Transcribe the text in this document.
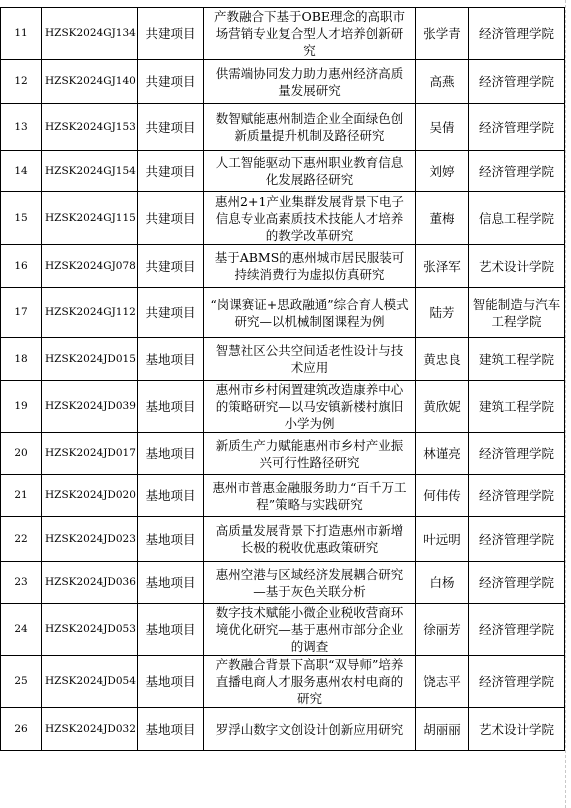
11	HZSK2024GJ134	共建项目	产教融合下基于OBE理念的高职市场营销专业复合型人才培养创新研究	张学青	经济管理学院
12	HZSK2024GJ140	共建项目	供需端协同发力助力惠州经济高质量发展研究	高燕	经济管理学院
13	HZSK2024GJ153	共建项目	数智赋能惠州制造企业全面绿色创新质量提升机制及路径研究	吴倩	经济管理学院
14	HZSK2024GJ154	共建项目	人工智能驱动下惠州职业教育信息化发展路径研究	刘婷	经济管理学院
15	HZSK2024GJ115	共建项目	惠州2+1产业集群发展背景下电子信息专业高素质技术技能人才培养的教学改革研究	董梅	信息工程学院
16	HZSK2024GJ078	共建项目	基于ABMS的惠州城市居民服装可持续消费行为虚拟仿真研究	张泽军	艺术设计学院
17	HZSK2024GJ112	共建项目	“岗课赛证+思政融通”综合育人模式研究—以机械制图课程为例	陆芳	智能制造与汽车工程学院
18	HZSK2024JD015	基地项目	智慧社区公共空间适老性设计与技术应用	黄忠良	建筑工程学院
19	HZSK2024JD039	基地项目	惠州市乡村闲置建筑改造康养中心的策略研究—以马安镇新楼村旗旧小学为例	黄欣妮	建筑工程学院
20	HZSK2024JD017	基地项目	新质生产力赋能惠州市乡村产业振兴可行性路径研究	林谨亮	经济管理学院
21	HZSK2024JD020	基地项目	惠州市普惠金融服务助力“百千万工程”策略与实践研究	何伟传	经济管理学院
22	HZSK2024JD023	基地项目	高质量发展背景下打造惠州市新增长极的税收优惠政策研究	叶远明	经济管理学院
23	HZSK2024JD036	基地项目	惠州空港与区域经济发展耦合研究—基于灰色关联分析	白杨	经济管理学院
24	HZSK2024JD053	基地项目	数字技术赋能小微企业税收营商环境优化研究—基于惠州市部分企业的调查	徐丽芳	经济管理学院
25	HZSK2024JD054	基地项目	产教融合背景下高职“双导师”培养直播电商人才服务惠州农村电商的研究	饶志平	经济管理学院
26	HZSK2024JD032	基地项目	罗浮山数字文创设计创新应用研究	胡丽丽	艺术设计学院
